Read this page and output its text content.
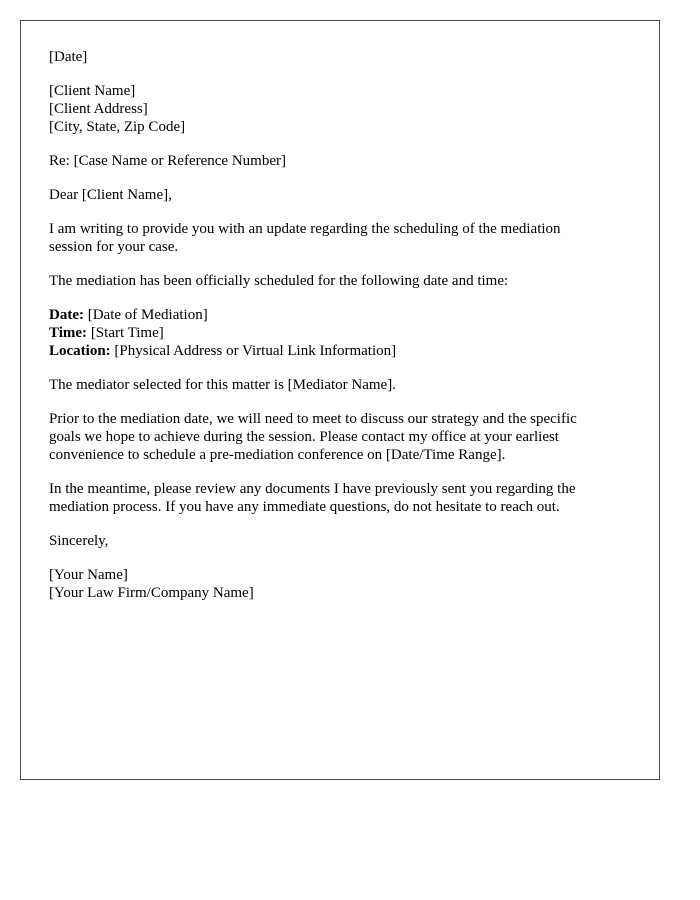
[Date]
[Client Name]
[Client Address]
[City, State, Zip Code]
Re: [Case Name or Reference Number]
Dear [Client Name],
I am writing to provide you with an update regarding the scheduling of the mediation
session for your case.
The mediation has been officially scheduled for the following date and time:
Date: [Date of Mediation]
Time: [Start Time]
Location: [Physical Address or Virtual Link Information]
The mediator selected for this matter is [Mediator Name].
Prior to the mediation date, we will need to meet to discuss our strategy and the specific
goals we hope to achieve during the session. Please contact my office at your earliest
convenience to schedule a pre-mediation conference on [Date/Time Range].
In the meantime, please review any documents I have previously sent you regarding the
mediation process. If you have any immediate questions, do not hesitate to reach out.
Sincerely,
[Your Name]
[Your Law Firm/Company Name]
